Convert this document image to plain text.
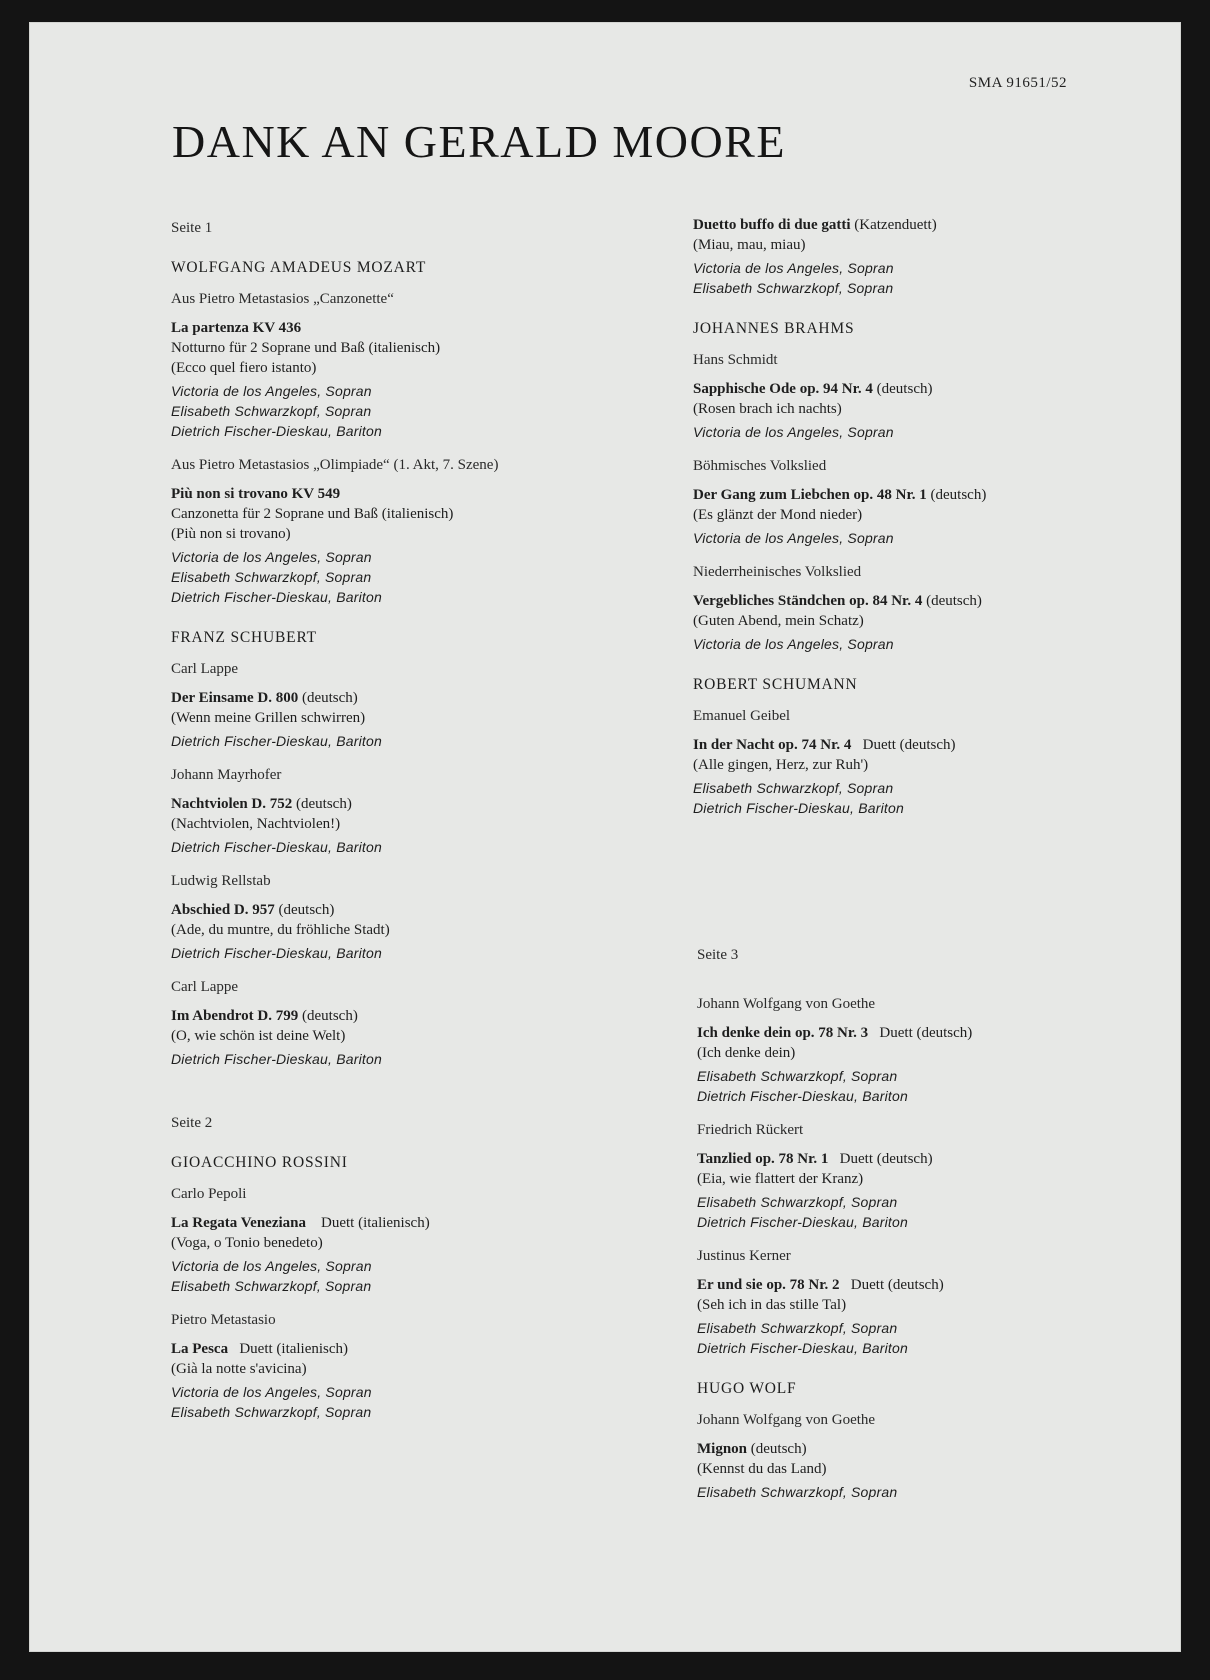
SMA 91651/52
DANK AN GERALD MOORE
Seite 1
WOLFGANG AMADEUS MOZART
Aus Pietro Metastasios „Canzonette“
La partenza KV 436
Notturno für 2 Soprane und Baß (italienisch)
(Ecco quel fiero istanto)
Victoria de los Angeles, Sopran
Elisabeth Schwarzkopf, Sopran
Dietrich Fischer-Dieskau, Bariton
Aus Pietro Metastasios „Olimpiade“ (1. Akt, 7. Szene)
Più non si trovano KV 549
Canzonetta für 2 Soprane und Baß (italienisch)
(Più non si trovano)
Victoria de los Angeles, Sopran
Elisabeth Schwarzkopf, Sopran
Dietrich Fischer-Dieskau, Bariton
FRANZ SCHUBERT
Carl Lappe
Der Einsame D. 800 (deutsch)
(Wenn meine Grillen schwirren)
Dietrich Fischer-Dieskau, Bariton
Johann Mayrhofer
Nachtviolen D. 752 (deutsch)
(Nachtviolen, Nachtviolen!)
Dietrich Fischer-Dieskau, Bariton
Ludwig Rellstab
Abschied D. 957 (deutsch)
(Ade, du muntre, du fröhliche Stadt)
Dietrich Fischer-Dieskau, Bariton
Carl Lappe
Im Abendrot D. 799 (deutsch)
(O, wie schön ist deine Welt)
Dietrich Fischer-Dieskau, Bariton
Seite 2
GIOACCHINO ROSSINI
Carlo Pepoli
La Regata Veneziana    Duett (italienisch)
(Voga, o Tonio benedeto)
Victoria de los Angeles, Sopran
Elisabeth Schwarzkopf, Sopran
Pietro Metastasio
La Pesca   Duett (italienisch)
(Già la notte s'avicina)
Victoria de los Angeles, Sopran
Elisabeth Schwarzkopf, Sopran
Duetto buffo di due gatti (Katzenduett)
(Miau, mau, miau)
Victoria de los Angeles, Sopran
Elisabeth Schwarzkopf, Sopran
JOHANNES BRAHMS
Hans Schmidt
Sapphische Ode op. 94 Nr. 4 (deutsch)
(Rosen brach ich nachts)
Victoria de los Angeles, Sopran
Böhmisches Volkslied
Der Gang zum Liebchen op. 48 Nr. 1 (deutsch)
(Es glänzt der Mond nieder)
Victoria de los Angeles, Sopran
Niederrheinisches Volkslied
Vergebliches Ständchen op. 84 Nr. 4 (deutsch)
(Guten Abend, mein Schatz)
Victoria de los Angeles, Sopran
ROBERT SCHUMANN
Emanuel Geibel
In der Nacht op. 74 Nr. 4   Duett (deutsch)
(Alle gingen, Herz, zur Ruh')
Elisabeth Schwarzkopf, Sopran
Dietrich Fischer-Dieskau, Bariton
Seite 3
Johann Wolfgang von Goethe
Ich denke dein op. 78 Nr. 3   Duett (deutsch)
(Ich denke dein)
Elisabeth Schwarzkopf, Sopran
Dietrich Fischer-Dieskau, Bariton
Friedrich Rückert
Tanzlied op. 78 Nr. 1   Duett (deutsch)
(Eia, wie flattert der Kranz)
Elisabeth Schwarzkopf, Sopran
Dietrich Fischer-Dieskau, Bariton
Justinus Kerner
Er und sie op. 78 Nr. 2   Duett (deutsch)
(Seh ich in das stille Tal)
Elisabeth Schwarzkopf, Sopran
Dietrich Fischer-Dieskau, Bariton
HUGO WOLF
Johann Wolfgang von Goethe
Mignon (deutsch)
(Kennst du das Land)
Elisabeth Schwarzkopf, Sopran
